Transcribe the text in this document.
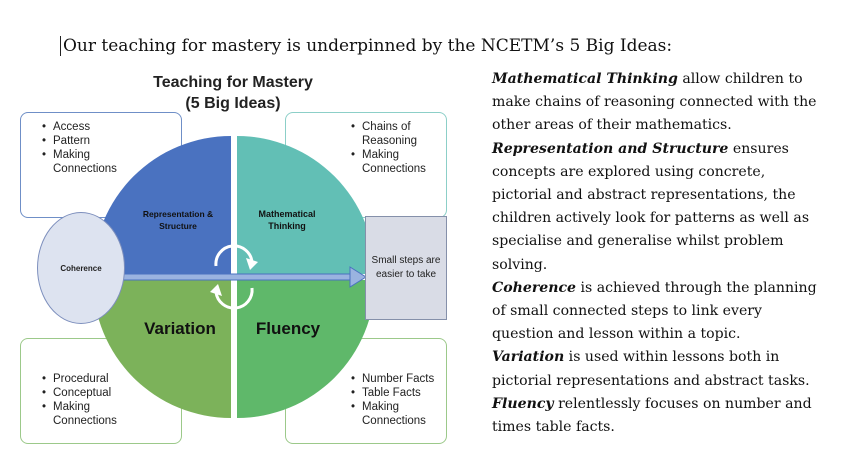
Our teaching for mastery is underpinned by the NCETM’s 5 Big Ideas:
Teaching for Mastery
(5 Big Ideas)
• Access
• Pattern
• Making Connections
• Chains of Reasoning
• Making Connections
• Procedural
• Conceptual
• Making Connections
• Number Facts
• Table Facts
• Making Connections
Coherence
Small steps are easier to take
Representation & Structure
Mathematical Thinking
Variation	Fluency

Mathematical Thinking allow children to make chains of reasoning connected with the other areas of their mathematics.

Representation and Structure ensures concepts are explored using concrete, pictorial and abstract representations, the children actively look for patterns as well as specialise and generalise whilst problem solving.

Coherence is achieved through the planning of small connected steps to link every question and lesson within a topic.

Variation is used within lessons both in pictorial representations and abstract tasks.

Fluency relentlessly focuses on number and times table facts.
